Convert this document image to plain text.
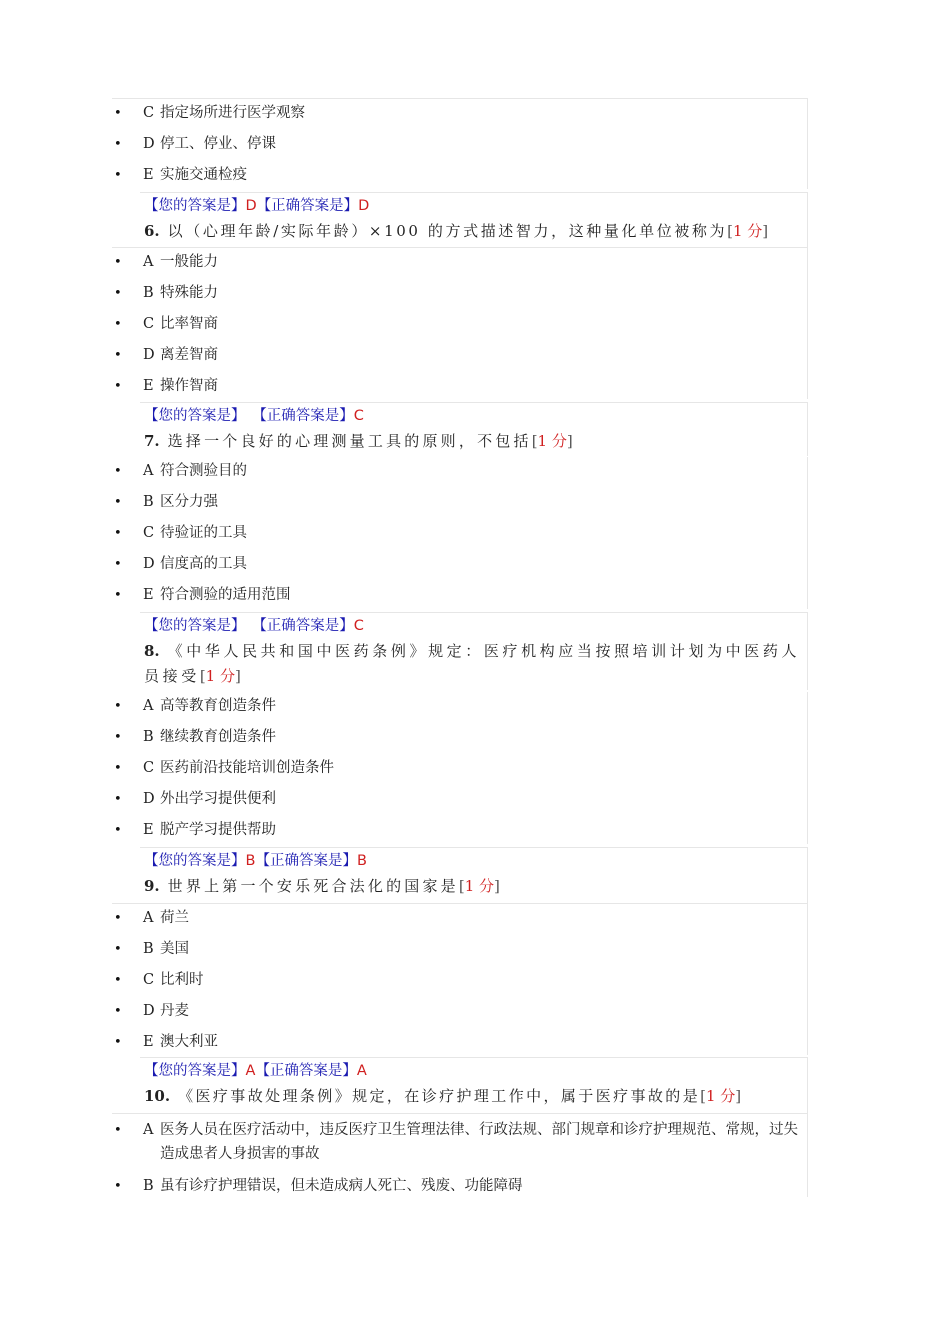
• C 指定场所进行医学观察
• D 停工、停业、停课
• E 实施交通检疫
【您的答案是】D【正确答案是】D
6. 以（心理年龄/实际年龄）×100 的方式描述智力，这种量化单位被称为[1 分]
• A 一般能力
• B 特殊能力
• C 比率智商
• D 离差智商
• E 操作智商
【您的答案是】 【正确答案是】C
7. 选择一个良好的心理测量工具的原则，不包括[1 分]
• A 符合测验目的
• B 区分力强
• C 待验证的工具
• D 信度高的工具
• E 符合测验的适用范围
【您的答案是】 【正确答案是】C
8. 《中华人民共和国中医药条例》规定：医疗机构应当按照培训计划为中医药人员接受[1 分]
• A 高等教育创造条件
• B 继续教育创造条件
• C 医药前沿技能培训创造条件
• D 外出学习提供便利
• E 脱产学习提供帮助
【您的答案是】B【正确答案是】B
9. 世界上第一个安乐死合法化的国家是[1 分]
• A 荷兰
• B 美国
• C 比利时
• D 丹麦
• E 澳大利亚
【您的答案是】A【正确答案是】A
10. 《医疗事故处理条例》规定，在诊疗护理工作中，属于医疗事故的是[1 分]
• A 医务人员在医疗活动中，违反医疗卫生管理法律、行政法规、部门规章和诊疗护理规范、常规，过失造成患者人身损害的事故
• B 虽有诊疗护理错误，但未造成病人死亡、残废、功能障碍
